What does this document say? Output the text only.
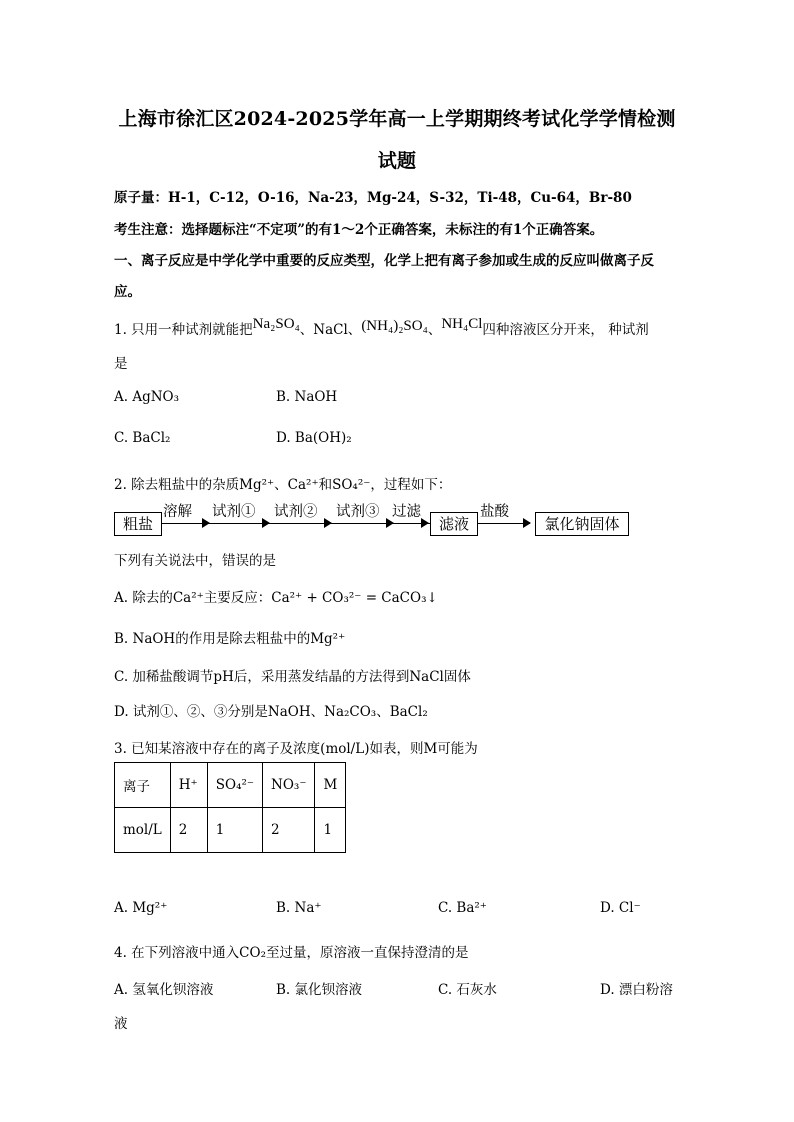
上海市徐汇区2024-2025学年高一上学期期终考试化学学情检测
试题
原子量：H-1，C-12，O-16，Na-23，Mg-24，S-32，Ti-48，Cu-64，Br-80
考生注意：选择题标注“不定项”的有1～2个正确答案，未标注的有1个正确答案。
一、离子反应是中学化学中重要的反应类型，化学上把有离子参加或生成的反应叫做离子反
应。
1. 只用一种试剂就能把Na₂SO₄、NaCl、(NH₄)₂SO₄、NH₄Cl四种溶液区分开来， 种试剂
是
A. AgNO₃	B. NaOH
C. BaCl₂	D. Ba(OH)₂
2. 除去粗盐中的杂质Mg²⁺、Ca²⁺和SO₄²⁻，过程如下：
粗盐
溶解 试剂① 试剂② 试剂③ 过滤
滤液
盐酸
氯化钠固体
下列有关说法中，错误的是
A. 除去的Ca²⁺主要反应：Ca²⁺ + CO₃²⁻ = CaCO₃↓
B. NaOH的作用是除去粗盐中的Mg²⁺
C. 加稀盐酸调节pH后，采用蒸发结晶的方法得到NaCl固体
D. 试剂①、②、③分别是NaOH、Na₂CO₃、BaCl₂
3. 已知某溶液中存在的离子及浓度(mol/L)如表，则M可能为
离子	H⁺	SO₄²⁻	NO₃⁻	M
mol/L	2	1	2	1
A. Mg²⁺	B. Na⁺	C. Ba²⁺	D. Cl⁻
4. 在下列溶液中通入CO₂至过量，原溶液一直保持澄清的是
A. 氢氧化钡溶液	B. 氯化钡溶液	C. 石灰水	D. 漂白粉溶
液
